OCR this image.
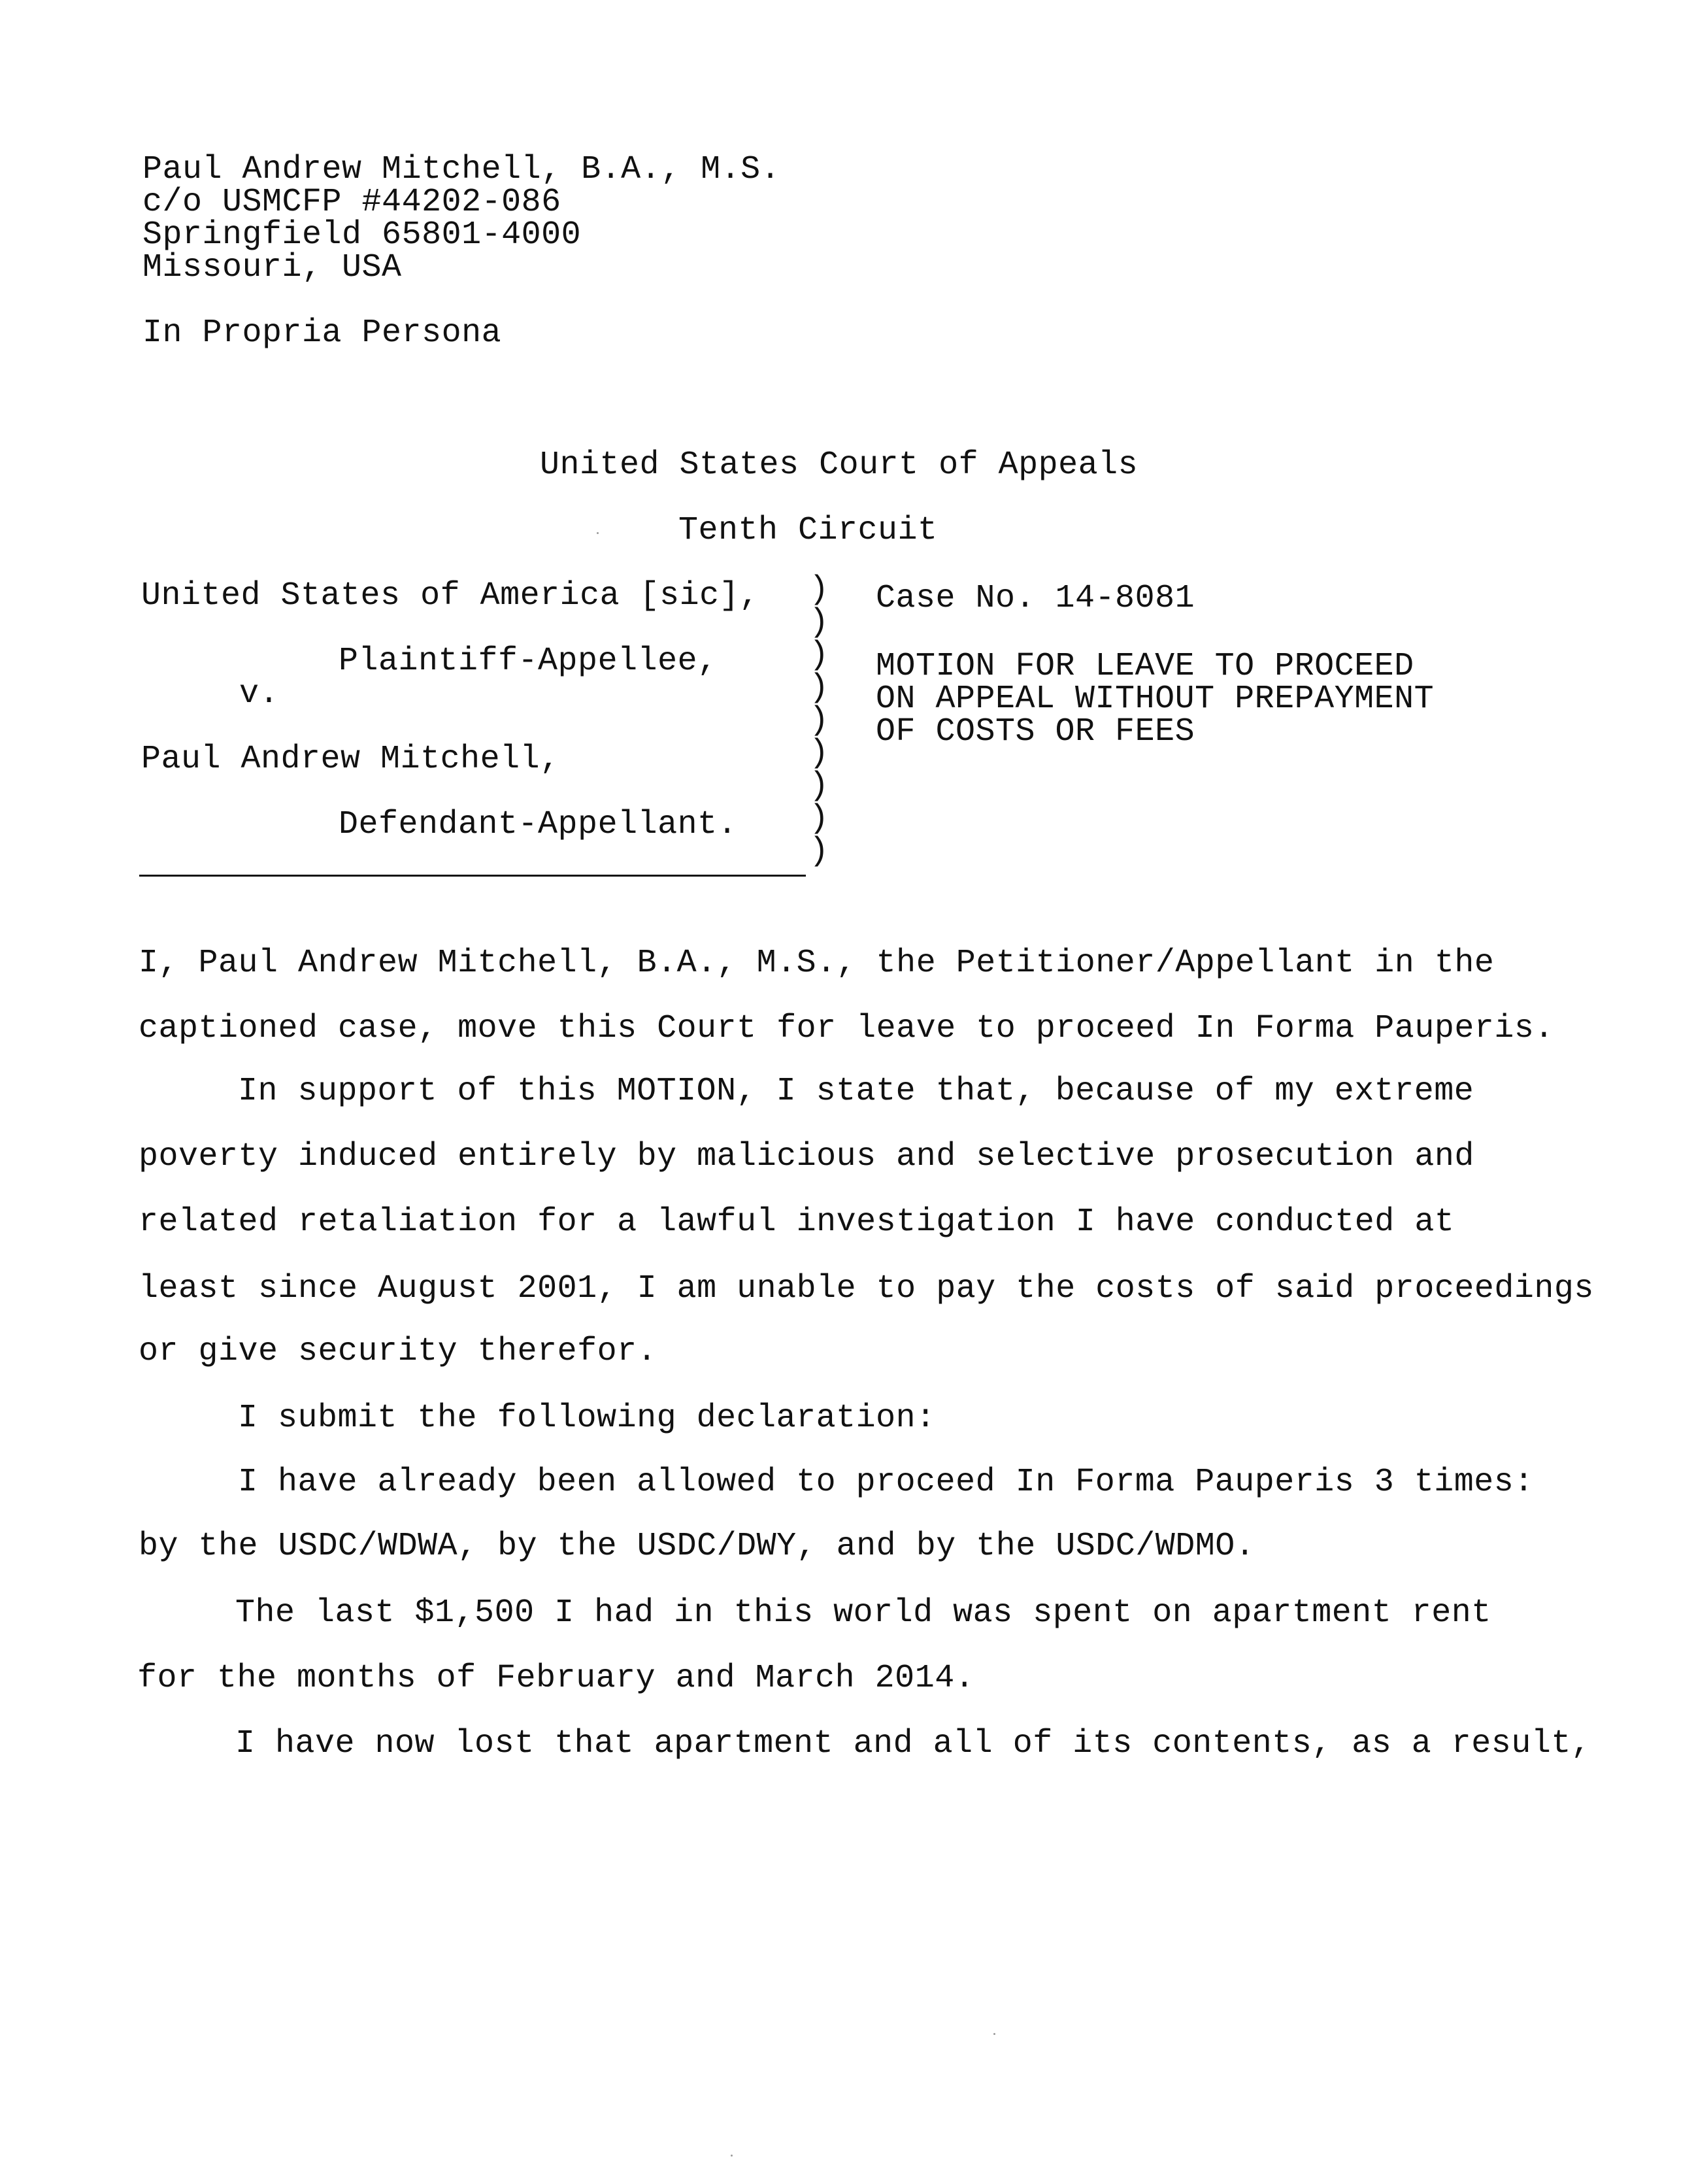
Paul Andrew Mitchell, B.A., M.S.
c/o USMCFP #44202-086
Springfield 65801-4000
Missouri, USA
In Propria Persona
United States Court of Appeals
Tenth Circuit
United States of America [sic],
Plaintiff-Appellee,
v.
Paul Andrew Mitchell,
Defendant-Appellant.
)
)
)
)
)
)
)
)
)
Case No. 14-8081
MOTION FOR LEAVE TO PROCEED
ON APPEAL WITHOUT PREPAYMENT
OF COSTS OR FEES
I, Paul Andrew Mitchell, B.A., M.S., the Petitioner/Appellant in the
captioned case, move this Court for leave to proceed In Forma Pauperis.
In support of this MOTION, I state that, because of my extreme
poverty induced entirely by malicious and selective prosecution and
related retaliation for a lawful investigation I have conducted at
least since August 2001, I am unable to pay the costs of said proceedings
or give security therefor.
I submit the following declaration:
I have already been allowed to proceed In Forma Pauperis 3 times:
by the USDC/WDWA, by the USDC/DWY, and by the USDC/WDMO.
The last $1,500 I had in this world was spent on apartment rent
for the months of February and March 2014.
I have now lost that apartment and all of its contents, as a result,
